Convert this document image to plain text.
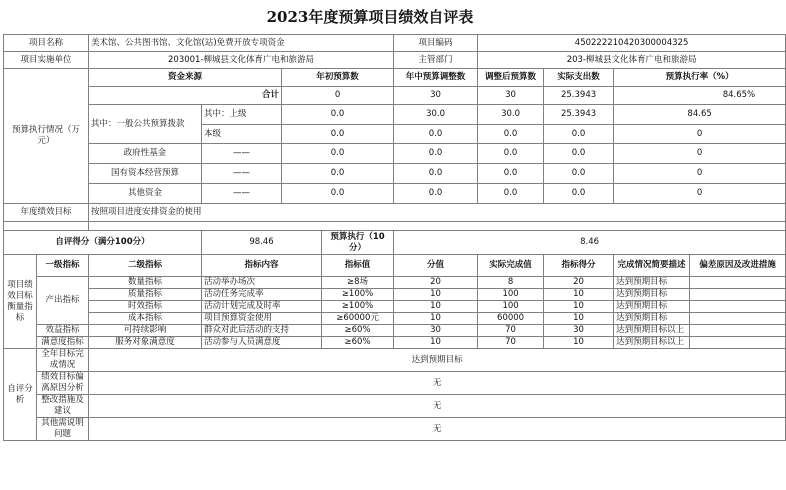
2023年度预算项目绩效自评表
项目名称		美术馆、公共图书馆、文化馆(站)免费开放专项资金				项目编码	450222210420300004325			
项目实施单位		203001-柳城县文化体育广电和旅游局				主管部门	203-柳城县文化体育广电和旅游局			
预算执行情况（万元）		资金来源		年初预算数		年中预算调整数	调整后预算数	实际支出数	预算执行率（%）	
		合计		0		30	30	25.3943	84.65%	
		其中：一般公共预算拨款	其中：上级	0.0		30.0	30.0	25.3943	84.65	
			本级	0.0		0.0	0.0	0.0	0	
		政府性基金	——	0.0		0.0	0.0	0.0	0	
		国有资本经营预算	——	0.0		0.0	0.0	0.0	0	
		其他资金	——	0.0		0.0	0.0	0.0	0	
年度绩效目标		按照项目进度安排资金的使用								

自评得分（满分100分）			98.46		预算执行（10分）	8.46				
项目绩效目标衡量指标	一级指标	二级指标	指标内容		指标值	分值	实际完成值	指标得分	完成情况简要描述	偏差原因及改进措施
	产出指标	数量指标	活动举办场次		≥8场	20	8	20	达到预期目标	
		质量指标	活动任务完成率		≥100%	10	100	10	达到预期目标	
		时效指标	活动计划完成及时率		≥100%	10	100	10	达到预期目标	
		成本指标	项目预算资金使用		≥60000元	10	60000	10	达到预期目标	
	效益指标	可持续影响	群众对此后活动的支持		≥60%	30	70	30	达到预期目标以上	
	满意度指标	服务对象满意度	活动参与人员满意度		≥60%	10	70	10	达到预期目标以上	
自评分析	全年目标完成情况	达到预期目标								
	绩效目标偏离原因分析	无								
	整改措施及建议	无								
	其他需说明问题	无								
